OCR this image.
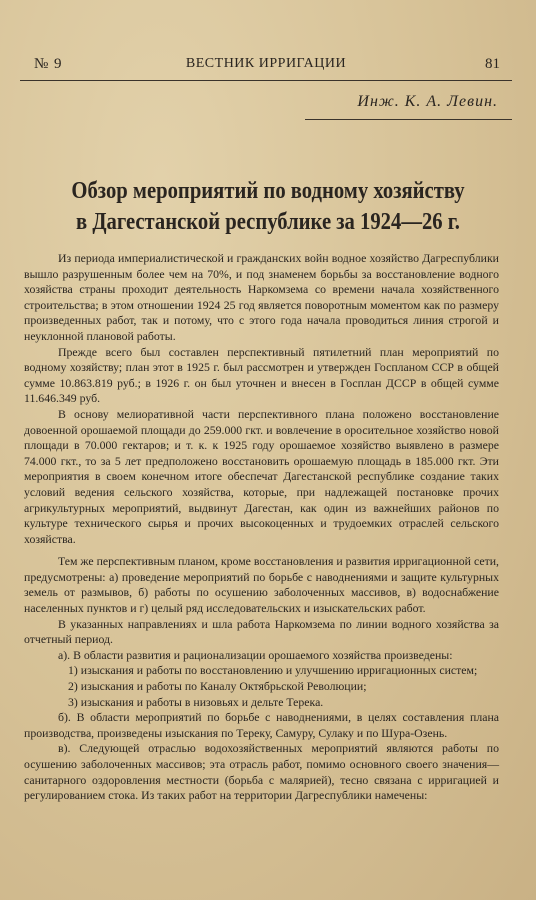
№ 9	ВЕСТНИК ИРРИГАЦИИ	81
Инж. К. А. Левин.
Обзор мероприятий по водному хозяйству
в Дагестанской республике за 1924—26 г.

Из периода империалистической и гражданских войн водное хозяйство Дагреспублики вышло разрушенным более чем на 70%, и под знаменем борьбы за восстановление водного хозяйства страны проходит деятельность Наркомзема со времени начала хозяйственного строительства; в этом отношении 1924 25 год является поворотным моментом как по размеру произведенных работ, так и потому, что с этого года начала проводиться линия строгой и неуклонной плановой работы.

Прежде всего был составлен перспективный пятилетний план мероприятий по водному хозяйству; план этот в 1925 г. был рассмотрен и утвержден Госпланом ССР в общей сумме 10.863.819 руб.; в 1926 г. он был уточнен и внесен в Госплан ДССР в общей сумме 11.646.349 руб.

В основу мелиоративной части перспективного плана положено восстановление довоенной орошаемой площади до 259.000 гкт. и вовлечение в оросительное хозяйство новой площади в 70.000 гектаров; и т. к. к 1925 году орошаемое хозяйство выявлено в размере 74.000 гкт., то за 5 лет предположено восстановить орошаемую площадь в 185.000 гкт. Эти мероприятия в своем конечном итоге обеспечат Дагестанской республике создание таких условий ведения сельского хозяйства, которые, при надлежащей постановке прочих агрикультурных мероприятий, выдвинут Дагестан, как один из важнейших районов по культуре технического сырья и прочих высокоценных и трудоемких отраслей сельского хозяйства.

Тем же перспективным планом, кроме восстановления и развития ирригационной сети, предусмотрены: а) проведение мероприятий по борьбе с наводнениями и защите культурных земель от размывов, б) работы по осушению заболоченных массивов, в) водоснабжение населенных пунктов и г) целый ряд исследовательских и изыскательских работ.

В указанных направлениях и шла работа Наркомзема по линии водного хозяйства за отчетный период.

а). В области развития и рационализации орошаемого хозяйства произведены:

1) изыскания и работы по восстановлению и улучшению ирригационных систем;

2) изыскания и работы по Каналу Октябрьской Революции;

3) изыскания и работы в низовьях и дельте Терека.

б). В области мероприятий по борьбе с наводнениями, в целях составления плана производства, произведены изыскания по Тереку, Самуру, Сулаку и по Шура-Озень.

в). Следующей отраслью водохозяйственных мероприятий являются работы по осушению заболоченных массивов; эта отрасль работ, помимо основного своего значения—санитарного оздоровления местности (борьба с малярией), тесно связана с ирригацией и регулированием стока. Из таких работ на территории Дагреспублики намечены:
